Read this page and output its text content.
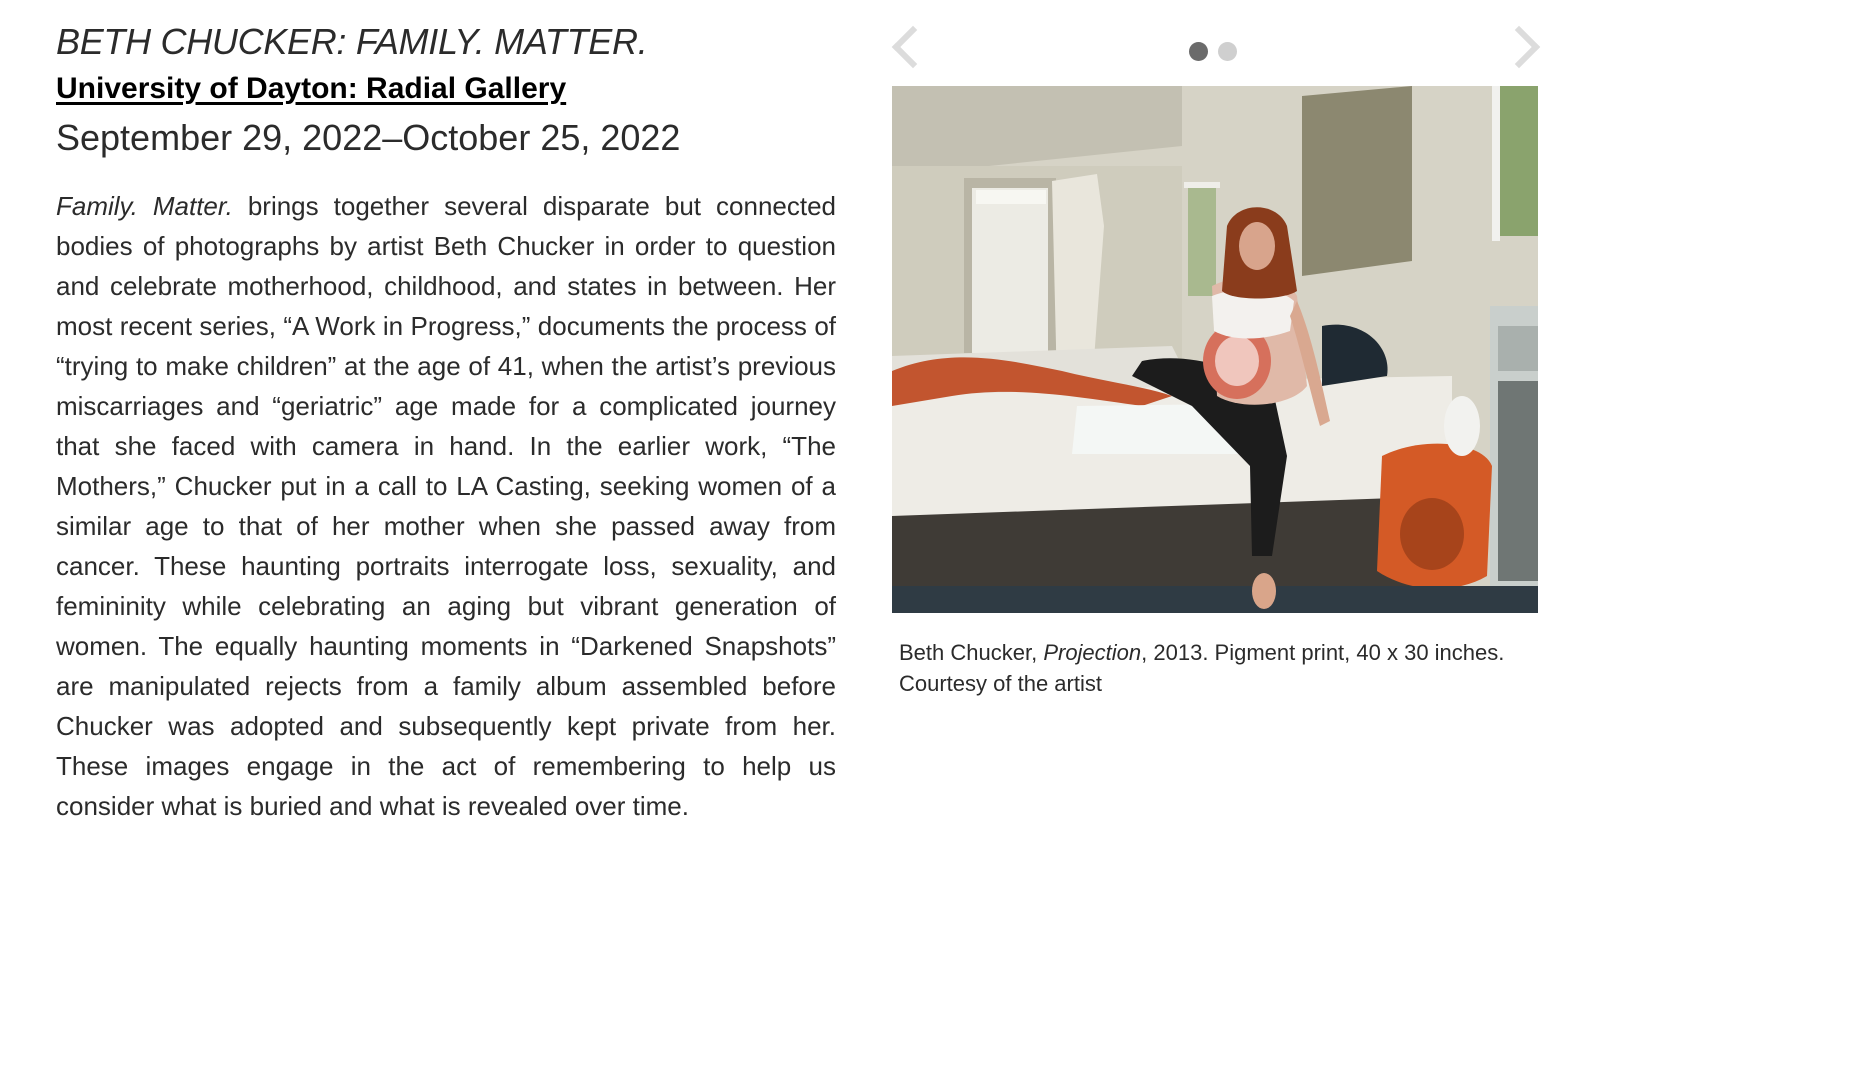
BETH CHUCKER: FAMILY. MATTER.
University of Dayton: Radial Gallery
September 29, 2022–October 25, 2022

Family. Matter. brings together several disparate but connected bodies of photographs by artist Beth Chucker in order to question and celebrate motherhood, childhood, and states in between. Her most recent series, “A Work in Progress,” documents the process of “trying to make children” at the age of 41, when the artist’s previous miscarriages and “geriatric” age made for a complicated journey that she faced with camera in hand. In the earlier work, “The Mothers,” Chucker put in a call to LA Casting, seeking women of a similar age to that of her mother when she passed away from cancer. These haunting portraits interrogate loss, sexuality, and femininity while celebrating an aging but vibrant generation of women. The equally haunting moments in “Darkened Snapshots” are manipulated rejects from a family album assembled before Chucker was adopted and subsequently kept private from her. These images engage in the act of remembering to help us consider what is buried and what is revealed over time.

Beth Chucker, Projection, 2013. Pigment print, 40 x 30 inches.
Courtesy of the artist
